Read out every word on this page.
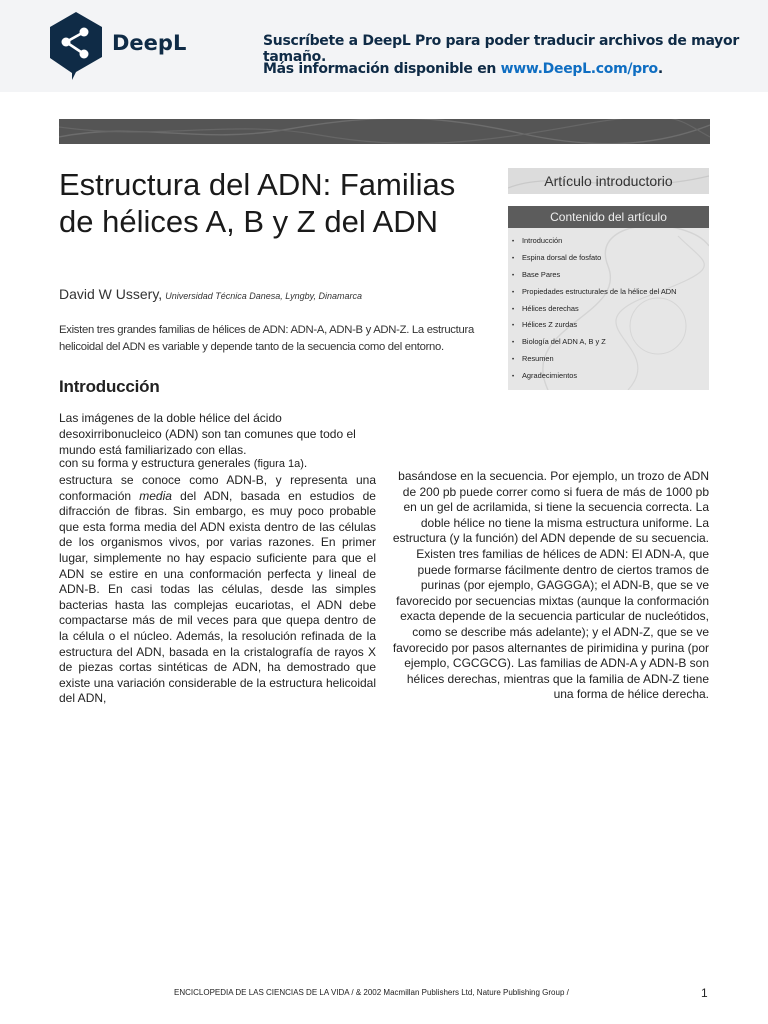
DeepL	Suscríbete a DeepL Pro para poder traducir archivos de mayor tamaño.
Más información disponible en www.DeepL.com/pro.
Estructura del ADN: Familias de hélices A, B y Z del ADN
David W Ussery, Universidad Técnica Danesa, Lyngby, Dinamarca

Existen tres grandes familias de hélices de ADN: ADN-A, ADN-B y ADN-Z. La estructura helicoidal del ADN es variable y depende tanto de la secuencia como del entorno.

Introducción

Las imágenes de la doble hélice del ácido desoxirribonucleico (ADN) son tan comunes que todo el mundo está familiarizado con ellas.

con su forma y estructura generales (figura 1a).

estructura se conoce como ADN-B, y representa una conformación media del ADN, basada en estudios de difracción de fibras. Sin embargo, es muy poco probable que esta forma media del ADN exista dentro de las células de los organismos vivos, por varias razones. En primer lugar, simplemente no hay espacio suficiente para que el ADN se estire en una conformación perfecta y lineal de ADN-B. En casi todas las células, desde las simples bacterias hasta las complejas eucariotas, el ADN debe compactarse más de mil veces para que quepa dentro de la célula o el núcleo. Además, la resolución refinada de la estructura del ADN, basada en la cristalografía de rayos X de piezas cortas sintéticas de ADN, ha demostrado que existe una variación considerable de la estructura helicoidal del ADN,

basándose en la secuencia. Por ejemplo, un trozo de ADN de 200 pb puede correr como si fuera de más de 1000 pb en un gel de acrilamida, si tiene la secuencia correcta. La doble hélice no tiene la misma estructura uniforme. La estructura (y la función) del ADN depende de su secuencia. Existen tres familias de hélices de ADN: El ADN-A, que puede formarse fácilmente dentro de ciertos tramos de purinas (por ejemplo, GAGGGA); el ADN-B, que se ve favorecido por secuencias mixtas (aunque la conformación exacta depende de la secuencia particular de nucleótidos, como se describe más adelante); y el ADN-Z, que se ve favorecido por pasos alternantes de pirimidina y purina (por ejemplo, CGCGCG). Las familias de ADN-A y ADN-B son hélices derechas, mientras que la familia de ADN-Z tiene una forma de hélice derecha.

Artículo introductorio
Contenido del artículo
• Introducción
• Espina dorsal de fosfato
• Base Pares
• Propiedades estructurales de la hélice del ADN
• Hélices derechas
• Hélices Z zurdas
• Biología del ADN A, B y Z
• Resumen
• Agradecimientos
ENCICLOPEDIA DE LAS CIENCIAS DE LA VIDA / & 2002 Macmillan Publishers Ltd, Nature Publishing Group /	1
